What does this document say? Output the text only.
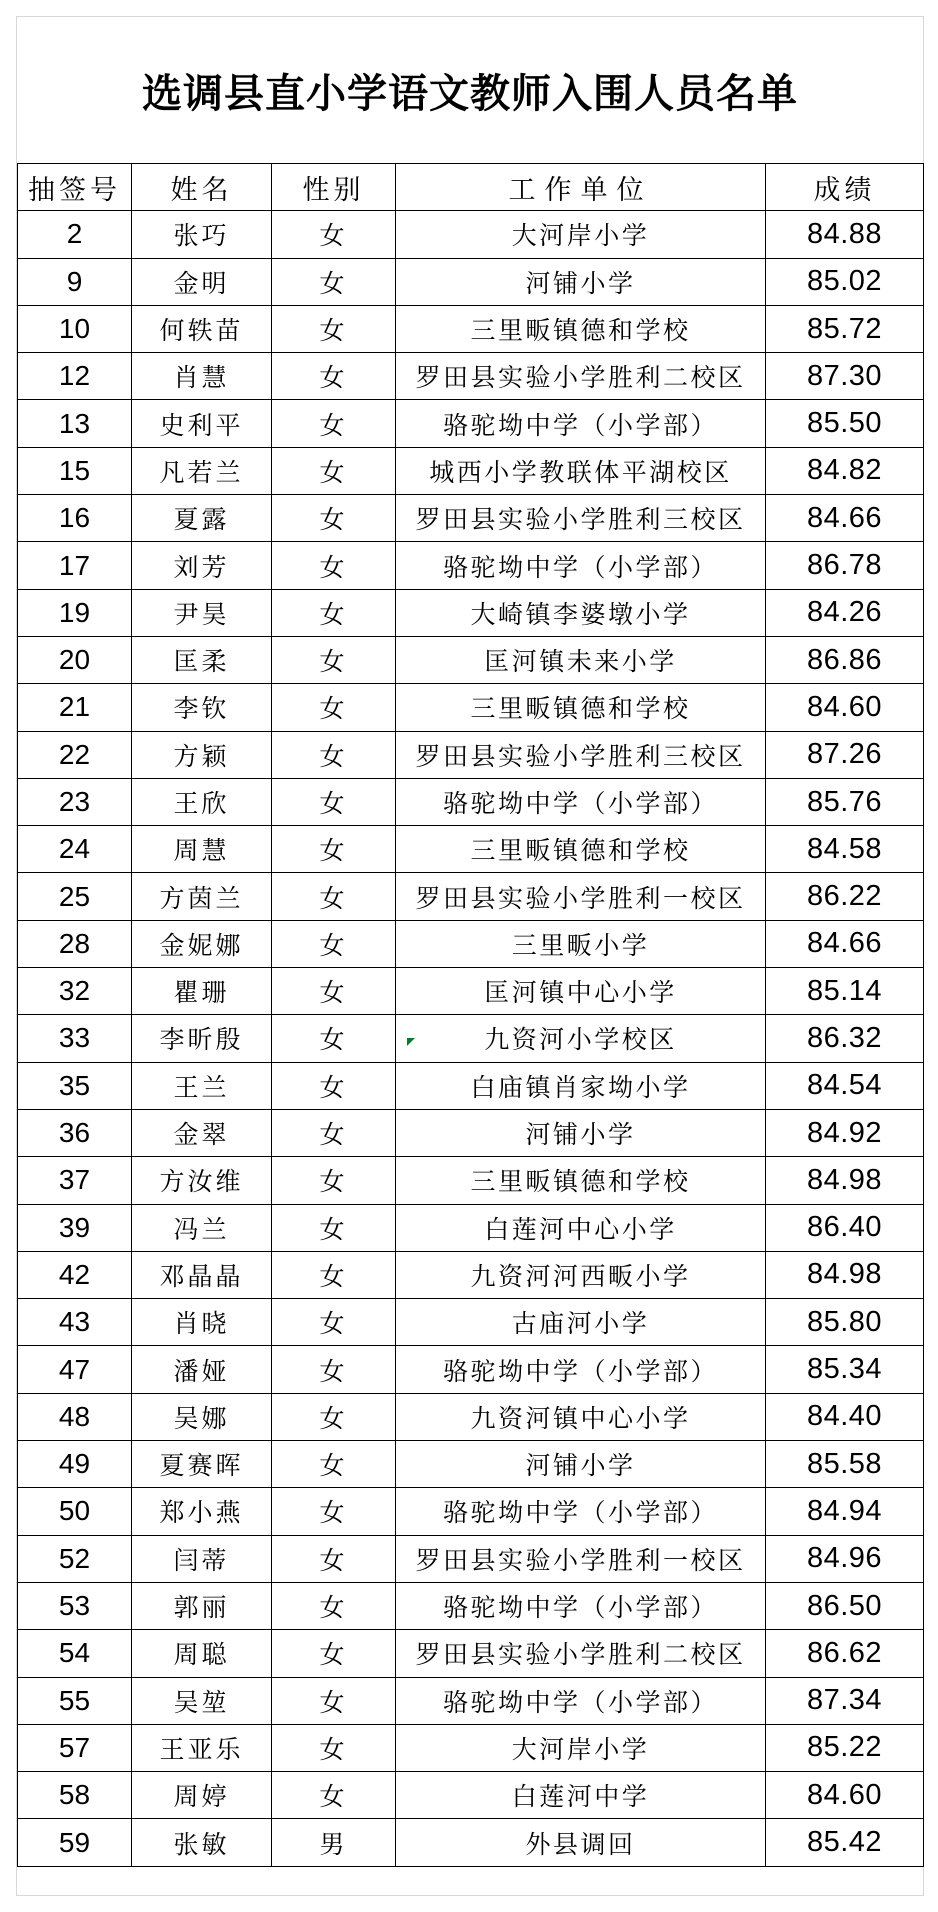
选调县直小学语文教师入围人员名单
抽签号	姓名	性别	工作单位	成绩
2	张巧	女	大河岸小学	84.88
9	金明	女	河铺小学	85.02
10	何轶苗	女	三里畈镇德和学校	85.72
12	肖慧	女	罗田县实验小学胜利二校区	87.30
13	史利平	女	骆驼坳中学（小学部）	85.50
15	凡若兰	女	城西小学教联体平湖校区	84.82
16	夏露	女	罗田县实验小学胜利三校区	84.66
17	刘芳	女	骆驼坳中学（小学部）	86.78
19	尹昊	女	大崎镇李婆墩小学	84.26
20	匡柔	女	匡河镇未来小学	86.86
21	李钦	女	三里畈镇德和学校	84.60
22	方颖	女	罗田县实验小学胜利三校区	87.26
23	王欣	女	骆驼坳中学（小学部）	85.76
24	周慧	女	三里畈镇德和学校	84.58
25	方茵兰	女	罗田县实验小学胜利一校区	86.22
28	金妮娜	女	三里畈小学	84.66
32	瞿珊	女	匡河镇中心小学	85.14
33	李昕殷	女	九资河小学校区	86.32
35	王兰	女	白庙镇肖家坳小学	84.54
36	金翠	女	河铺小学	84.92
37	方汝维	女	三里畈镇德和学校	84.98
39	冯兰	女	白莲河中心小学	86.40
42	邓晶晶	女	九资河河西畈小学	84.98
43	肖晓	女	古庙河小学	85.80
47	潘娅	女	骆驼坳中学（小学部）	85.34
48	吴娜	女	九资河镇中心小学	84.40
49	夏赛晖	女	河铺小学	85.58
50	郑小燕	女	骆驼坳中学（小学部）	84.94
52	闫蒂	女	罗田县实验小学胜利一校区	84.96
53	郭丽	女	骆驼坳中学（小学部）	86.50
54	周聪	女	罗田县实验小学胜利二校区	86.62
55	吴堃	女	骆驼坳中学（小学部）	87.34
57	王亚乐	女	大河岸小学	85.22
58	周婷	女	白莲河中学	84.60
59	张敏	男	外县调回	85.42
